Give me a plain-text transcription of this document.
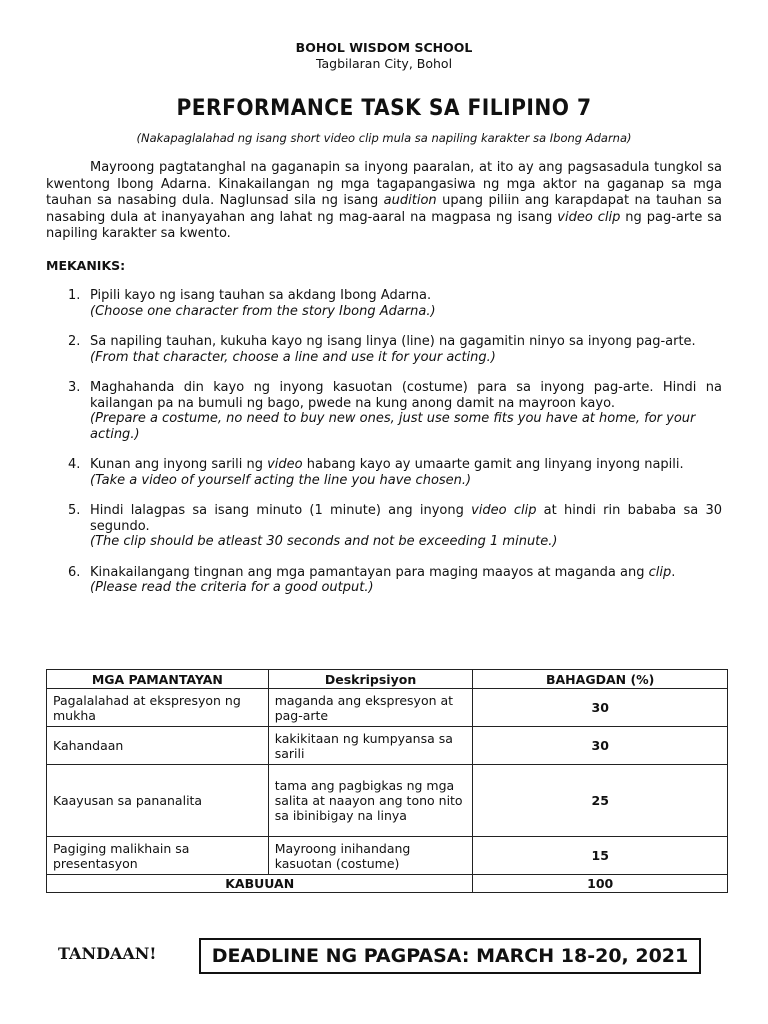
BOHOL WISDOM SCHOOL
Tagbilaran City, Bohol
PERFORMANCE TASK SA FILIPINO 7
(Nakapaglalahad ng isang short video clip mula sa napiling karakter sa Ibong Adarna)
Mayroong pagtatanghal na gaganapin sa inyong paaralan, at ito ay ang pagsasadula tungkol sa kwentong Ibong Adarna. Kinakailangan ng mga tagapangasiwa ng mga aktor na gaganap sa mga tauhan sa nasabing dula. Naglunsad sila ng isang audition upang piliin ang karapdapat na tauhan sa nasabing dula at inanyayahan ang lahat ng mag-aaral na magpasa ng isang video clip ng pag-arte sa napiling karakter sa kwento.
MEKANIKS:
1. Pipili kayo ng isang tauhan sa akdang Ibong Adarna.
(Choose one character from the story Ibong Adarna.)
2. Sa napiling tauhan, kukuha kayo ng isang linya (line) na gagamitin ninyo sa inyong pag-arte.
(From that character, choose a line and use it for your acting.)
3. Maghahanda din kayo ng inyong kasuotan (costume) para sa inyong pag-arte. Hindi na kailangan pa na bumuli ng bago, pwede na kung anong damit na mayroon kayo.
(Prepare a costume, no need to buy new ones, just use some fits you have at home, for your acting.)
4. Kunan ang inyong sarili ng video habang kayo ay umaarte gamit ang linyang inyong napili.
(Take a video of yourself acting the line you have chosen.)
5. Hindi lalagpas sa isang minuto (1 minute) ang inyong video clip at hindi rin bababa sa 30 segundo.
(The clip should be atleast 30 seconds and not be exceeding 1 minute.)
6. Kinakailangang tingnan ang mga pamantayan para maging maayos at maganda ang clip.
(Please read the criteria for a good output.)
MGA PAMANTAYAN	Deskripsiyon	BAHAGDAN (%)
Pagalalahad at ekspresyon ng mukha	maganda ang ekspresyon at pag-arte	30
Kahandaan	kakikitaan ng kumpyansa sa sarili	30
Kaayusan sa pananalita	tama ang pagbigkas ng mga salita at naayon ang tono nito sa ibinibigay na linya	25
Pagiging malikhain sa presentasyon	Mayroong inihandang kasuotan (costume)	15
KABUUAN		100
TANDAAN!	DEADLINE NG PAGPASA: MARCH 18-20, 2021
